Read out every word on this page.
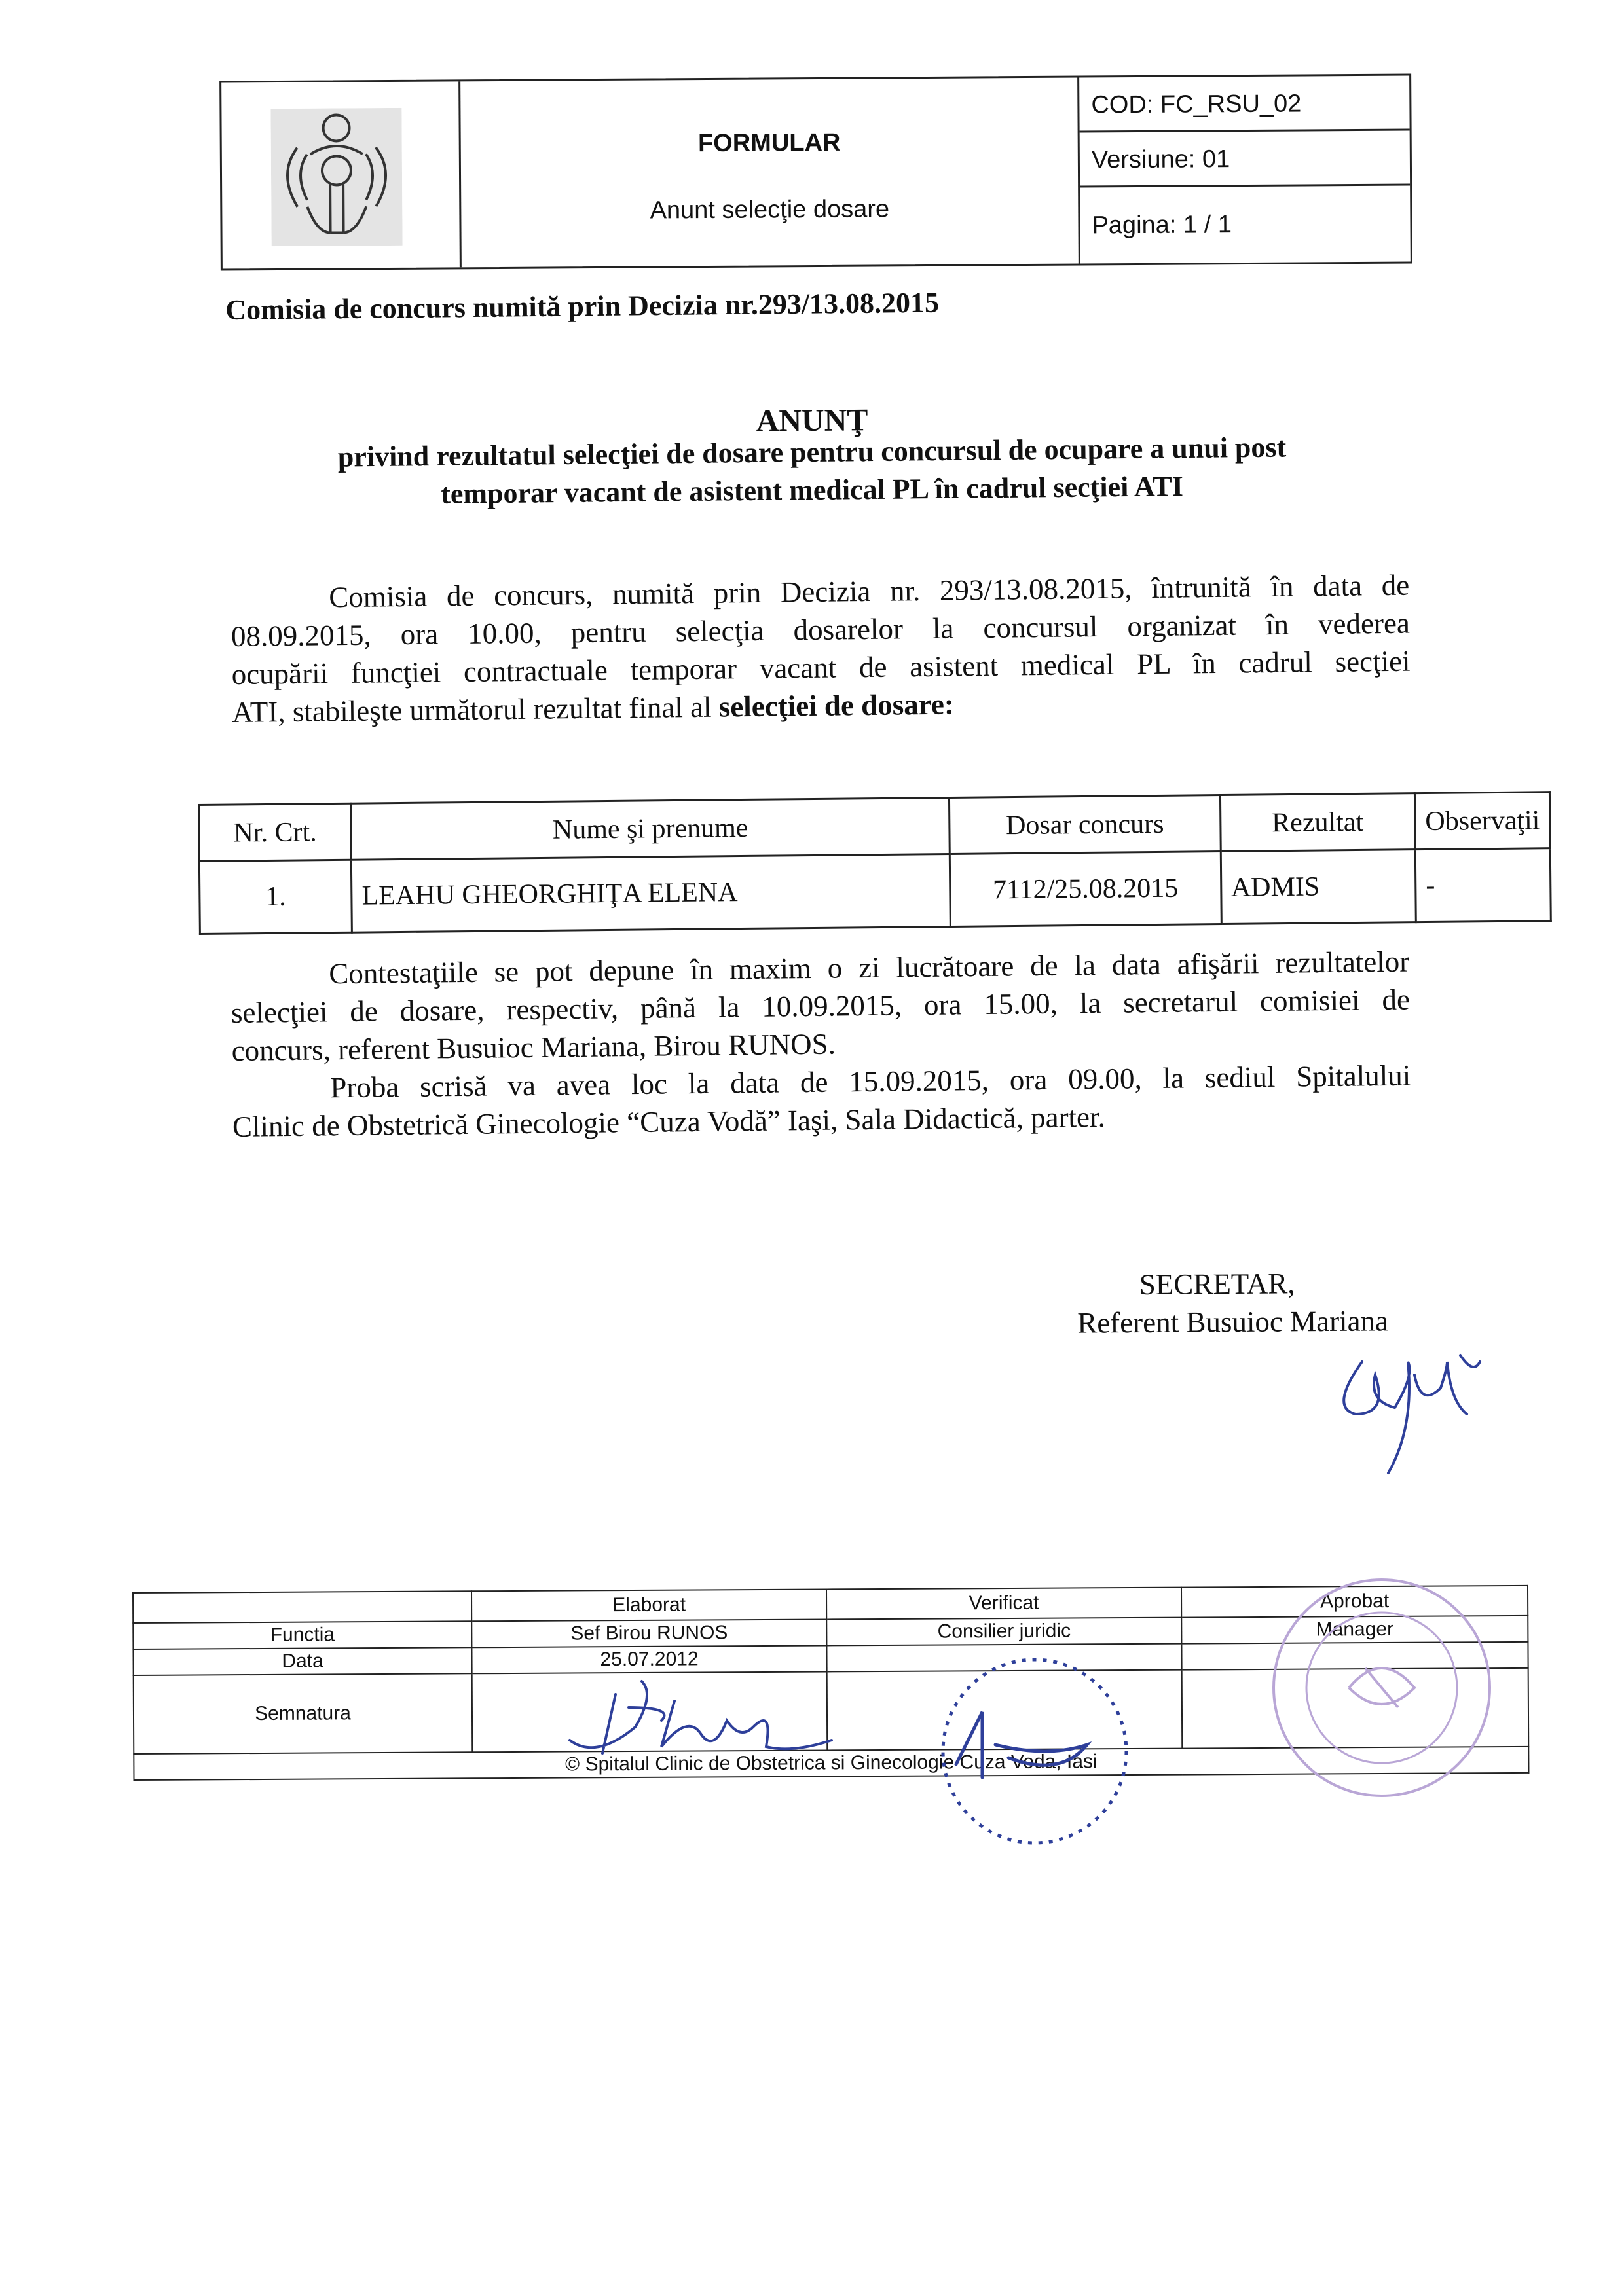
FORMULAR
Anunt selecţie dosare
COD: FC_RSU_02
Versiune: 01
Pagina: 1 / 1
Comisia de concurs numită prin Decizia nr.293/13.08.2015
ANUNŢ
privind rezultatul selecţiei de dosare pentru concursul de ocupare a unui post
temporar vacant de asistent medical PL în cadrul secţiei ATI
Comisia de concurs, numită prin Decizia nr. 293/13.08.2015, întrunită în data de
08.09.2015, ora 10.00, pentru selecţia dosarelor la concursul organizat în vederea
ocupării funcţiei contractuale temporar vacant de asistent medical PL în cadrul secţiei
ATI, stabileşte următorul rezultat final al selecţiei de dosare:
Nr. Crt.	Nume şi prenume	Dosar concurs	Rezultat	Observaţii
1.	LEAHU GHEORGHIŢA ELENA	7112/25.08.2015	ADMIS	-
Contestaţiile se pot depune în maxim o zi lucrătoare de la data afişării rezultatelor
selecţiei de dosare, respectiv, până la 10.09.2015, ora 15.00, la secretarul comisiei de
concurs, referent Busuioc Mariana, Birou RUNOS.
Proba scrisă va avea loc la data de 15.09.2015, ora 09.00, la sediul Spitalului
Clinic de Obstetrică Ginecologie “Cuza Vodă” Iaşi, Sala Didactică, parter.
SECRETAR,
Referent Busuioc Mariana
	Elaborat	Verificat	Aprobat
Functia	Sef Birou RUNOS	Consilier juridic	Manager
Data	25.07.2012		
Semnatura			
© Spitalul Clinic de Obstetrica si Ginecologie Cuza Voda, Iasi			
